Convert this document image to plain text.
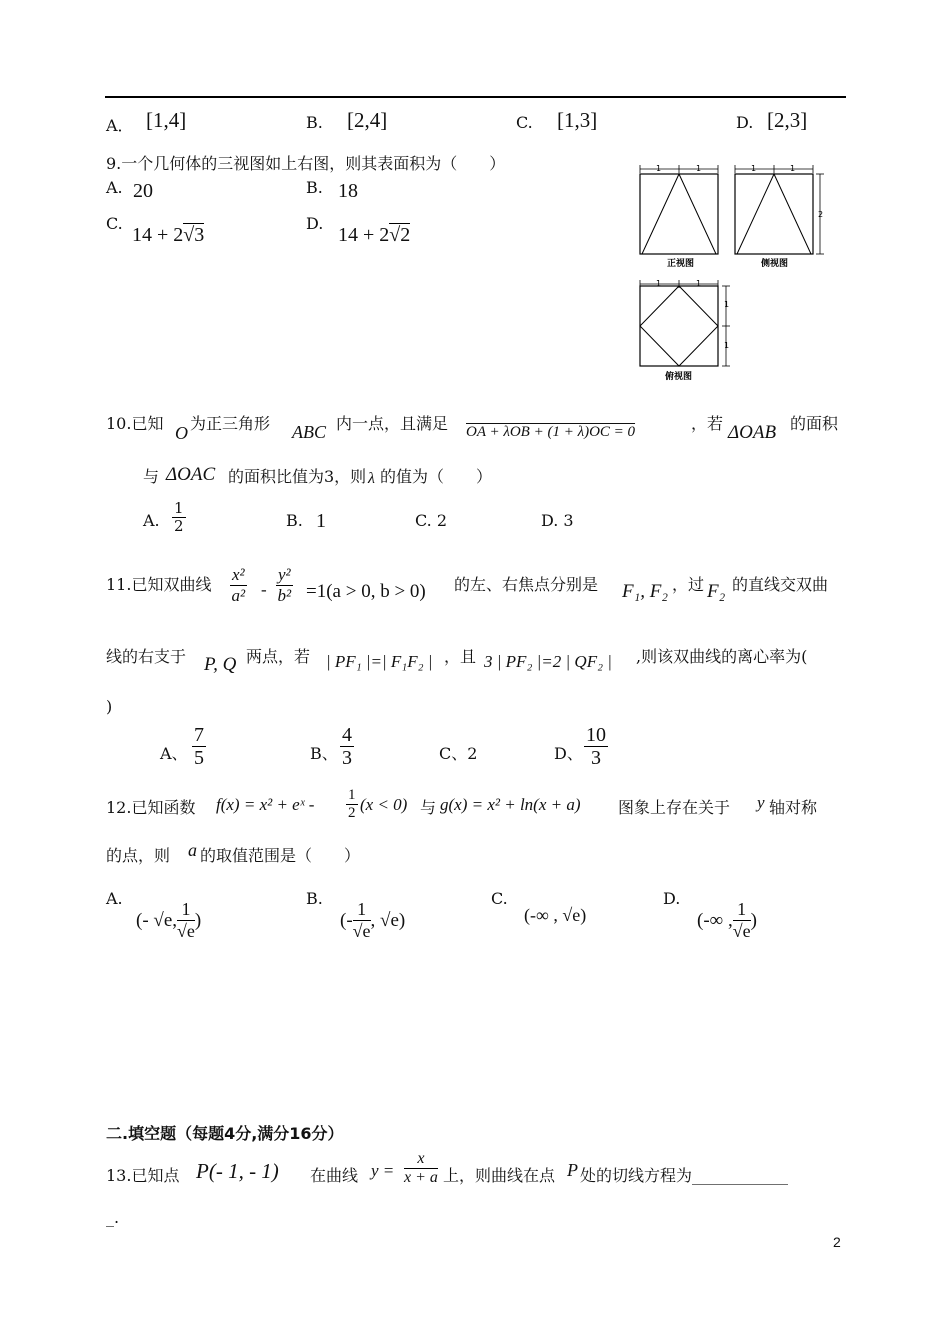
A． [1,4]	B. [2,4]	C. [1,3]	D. [2,3]
9.一个几何体的三视图如上右图，则其表面积为（　　）
A. 20	B. 18
C.
14 + 2√3
D.
14 + 2√2
1	1
正视图
1	1
2
侧视图
1	1
1
1
俯视图
10.已知 O 为正三角形 ABC 内一点，且满足 OA + λOB + (1 + λ)OC = 0	，若 ΔOAB 的面积
与 ΔOAC 的面积比值为3，则 λ 的值为（　　）
A. $\frac{1}{2}$	B. 1	C. 2	D. 3
11.已知双曲线 $\frac{\text{x²}}{\text{a²}} - \frac{\text{y²}}{\text{b²}} =1(a > 0$, b > 0) 的左、右焦点分别是 F₁, F₂ ，过 F₂ 的直线交双曲
线的右支于 P, Q 两点，若 | PF₁ |=| F₁F₂ | ，且 3 | PF₂ |=2 | QF₂ | ,则该双曲线的离心率为(
)
A、 $\frac{7}{5}$	B、 $\frac{4}{3}$	C、2	D、 $\frac{10}{3}$
12.已知函数 f(x) = x² + eˣ - $\frac{1}{2} (x < 0)$ 与 g(x) = x² + ln(x + a) 图象上存在关于 y 轴对称
的点，则 a 的取值范围是（　　）
A.
(- √e, $\frac{1}{√e}$ )
B.
(- $\frac{1}{√e}$ , √e)
C.
(-∞ , √e)
D.
(-∞ , $\frac{1}{√e}$ )
二.填空题（每题4分,满分16分）
13.已知点 P(- 1, - 1) 在曲线 $y = \frac{x}{x + a}$ 上，则曲线在点 P 处的切线方程为____________
_.
2
